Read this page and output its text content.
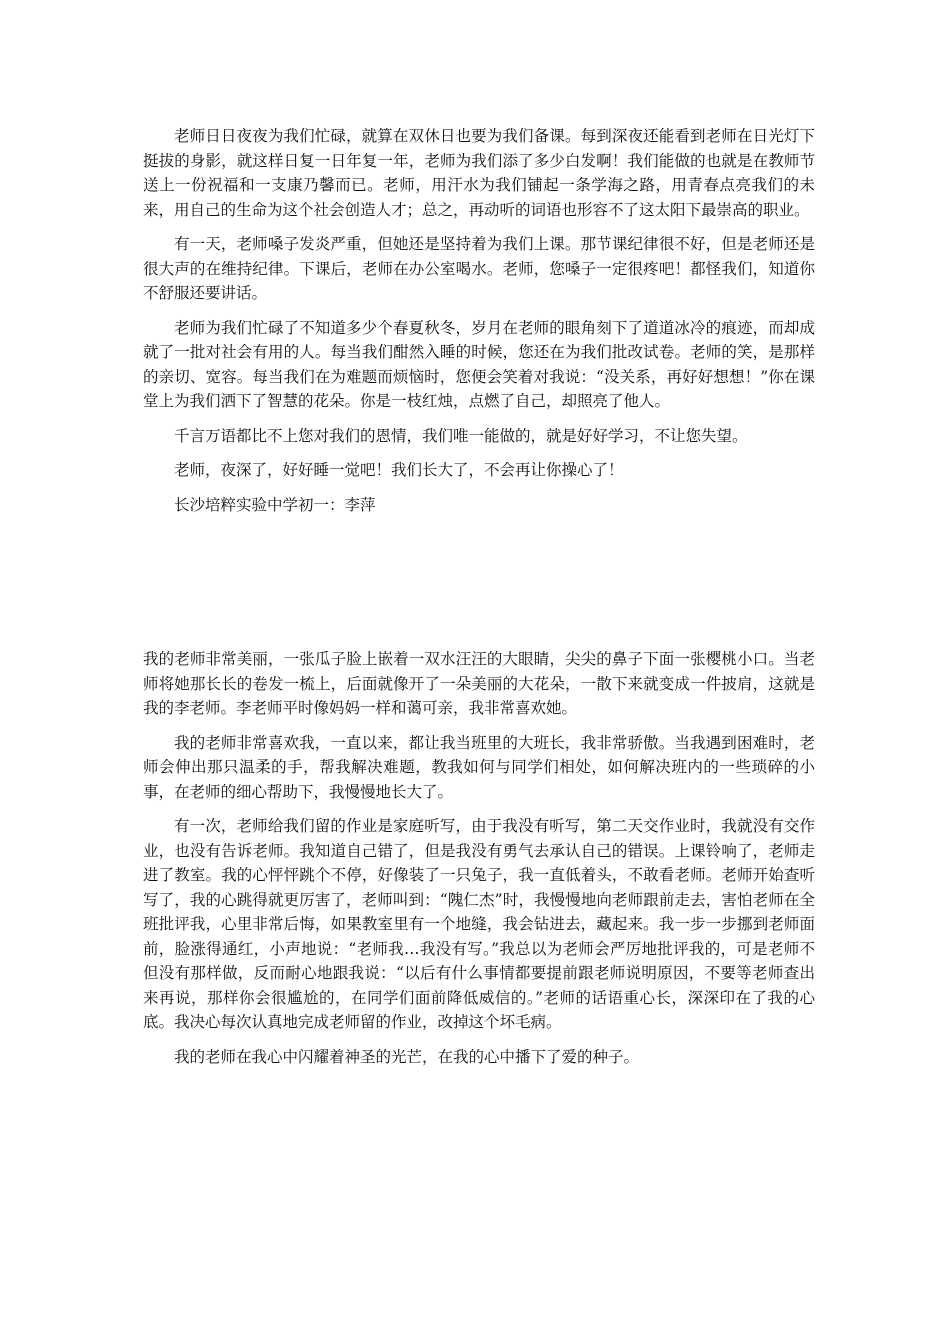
老师日日夜夜为我们忙碌，就算在双休日也要为我们备课。每到深夜还能看到老师在日光灯下挺拔的身影，就这样日复一日年复一年，老师为我们添了多少白发啊！我们能做的也就是在教师节送上一份祝福和一支康乃馨而已。老师，用汗水为我们铺起一条学海之路，用青春点亮我们的未来，用自己的生命为这个社会创造人才；总之，再动听的词语也形容不了这太阳下最崇高的职业。

有一天，老师嗓子发炎严重，但她还是坚持着为我们上课。那节课纪律很不好，但是老师还是很大声的在维持纪律。下课后，老师在办公室喝水。老师，您嗓子一定很疼吧！都怪我们，知道你不舒服还要讲话。

老师为我们忙碌了不知道多少个春夏秋冬，岁月在老师的眼角刻下了道道冰冷的痕迹，而却成就了一批对社会有用的人。每当我们酣然入睡的时候，您还在为我们批改试卷。老师的笑，是那样的亲切、宽容。每当我们在为难题而烦恼时，您便会笑着对我说：“没关系，再好好想想！”你在课堂上为我们洒下了智慧的花朵。你是一枝红烛，点燃了自己，却照亮了他人。

千言万语都比不上您对我们的恩情，我们唯一能做的，就是好好学习，不让您失望。

老师，夜深了，好好睡一觉吧！我们长大了，不会再让你操心了！

长沙培粹实验中学初一：李萍

我的老师非常美丽，一张瓜子脸上嵌着一双水汪汪的大眼睛，尖尖的鼻子下面一张樱桃小口。当老师将她那长长的卷发一梳上，后面就像开了一朵美丽的大花朵，一散下来就变成一件披肩，这就是我的李老师。李老师平时像妈妈一样和蔼可亲，我非常喜欢她。

我的老师非常喜欢我，一直以来，都让我当班里的大班长，我非常骄傲。当我遇到困难时，老师会伸出那只温柔的手，帮我解决难题，教我如何与同学们相处，如何解决班内的一些琐碎的小事，在老师的细心帮助下，我慢慢地长大了。

有一次，老师给我们留的作业是家庭听写，由于我没有听写，第二天交作业时，我就没有交作业，也没有告诉老师。我知道自己错了，但是我没有勇气去承认自己的错误。上课铃响了，老师走进了教室。我的心怦怦跳个不停，好像装了一只兔子，我一直低着头，不敢看老师。老师开始查听写了，我的心跳得就更厉害了，老师叫到：“隗仁杰”时，我慢慢地向老师跟前走去，害怕老师在全班批评我，心里非常后悔，如果教室里有一个地缝，我会钻进去，藏起来。我一步一步挪到老师面前，脸涨得通红，小声地说：“老师我…我没有写。”我总以为老师会严厉地批评我的，可是老师不但没有那样做，反而耐心地跟我说：“以后有什么事情都要提前跟老师说明原因，不要等老师查出来再说，那样你会很尴尬的，在同学们面前降低威信的。”老师的话语重心长，深深印在了我的心底。我决心每次认真地完成老师留的作业，改掉这个坏毛病。

我的老师在我心中闪耀着神圣的光芒，在我的心中播下了爱的种子。
